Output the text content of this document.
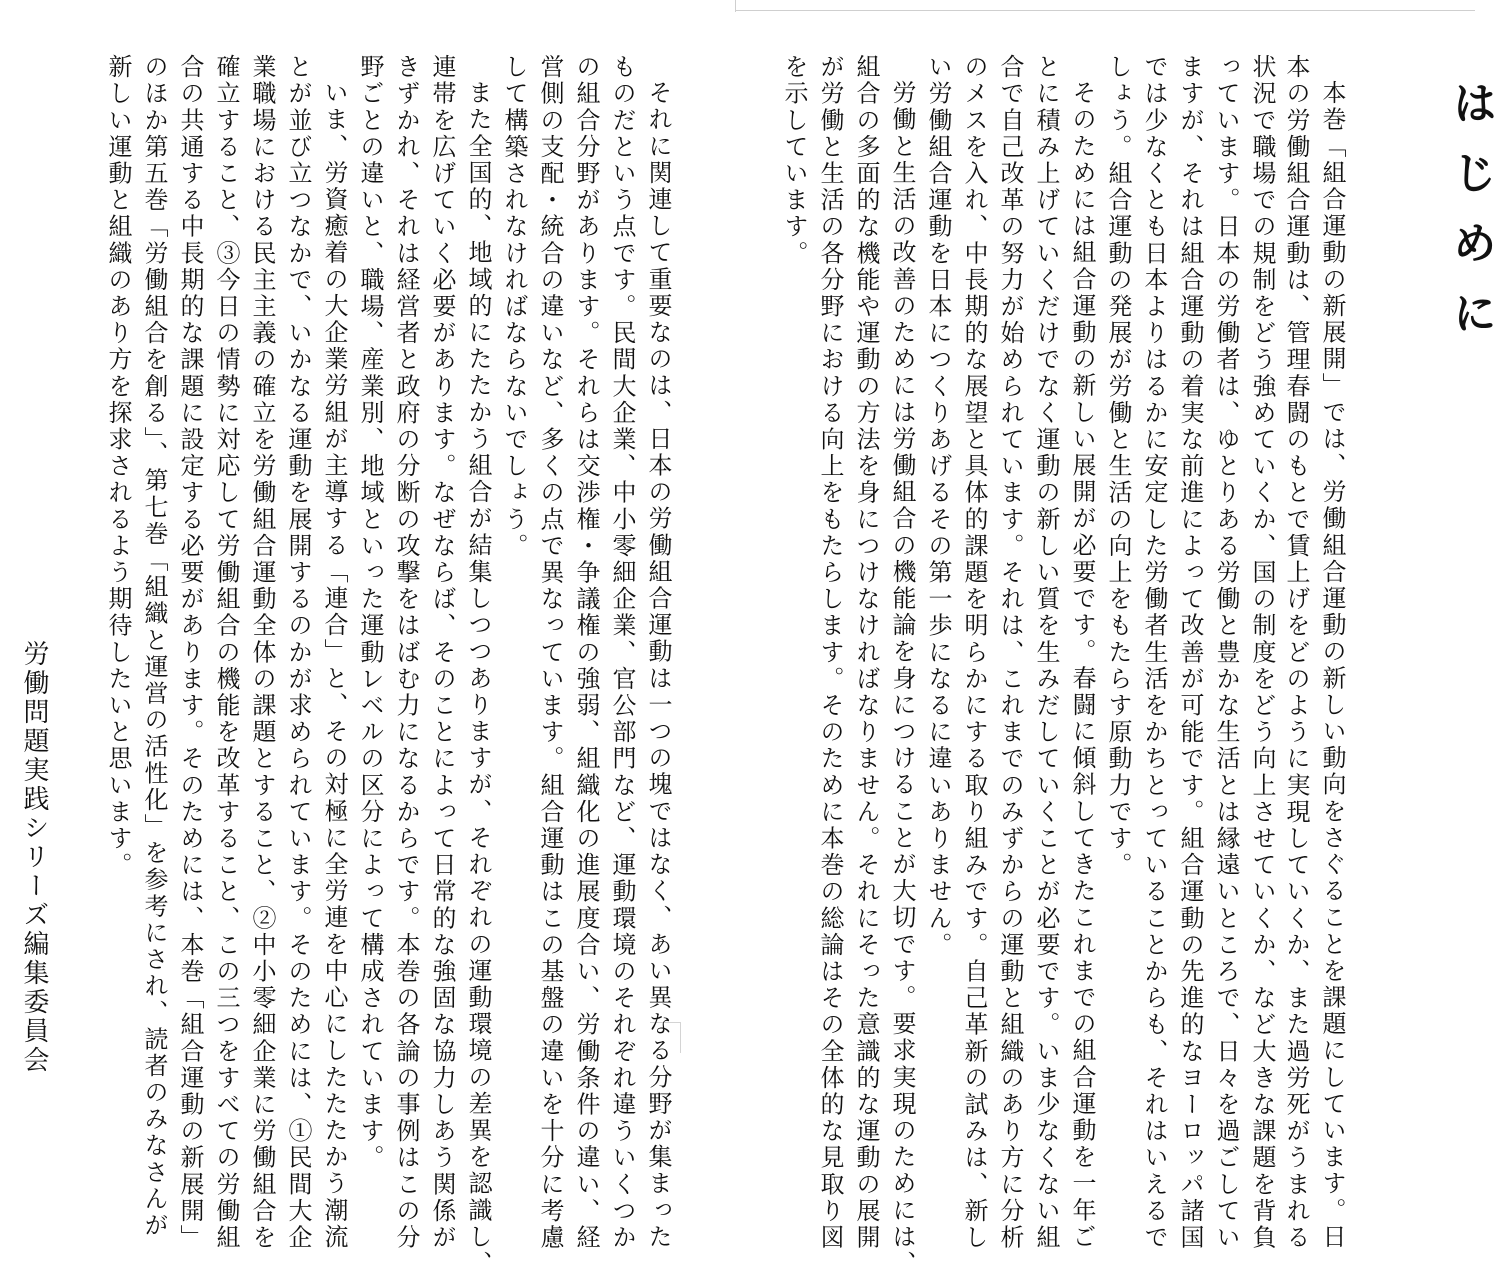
はじめに
本巻「組合運動の新展開」では、労働組合運動の新しい動向をさぐることを課題にしています。日
本の労働組合運動は、管理春闘のもとで賃上げをどのように実現していくか、また過労死がうまれる
状況で職場での規制をどう強めていくか、国の制度をどう向上させていくか、など大きな課題を背負
っています。日本の労働者は、ゆとりある労働と豊かな生活とは縁遠いところで、日々を過ごしてい
ますが、それは組合運動の着実な前進によって改善が可能です。組合運動の先進的なヨーロッパ諸国
では少なくとも日本よりはるかに安定した労働者生活をかちとっていることからも、それはいえるで
しょう。組合運動の発展が労働と生活の向上をもたらす原動力です。
そのためには組合運動の新しい展開が必要です。春闘に傾斜してきたこれまでの組合運動を一年ご
とに積み上げていくだけでなく運動の新しい質を生みだしていくことが必要です。いま少なくない組
合で自己改革の努力が始められています。それは、これまでのみずからの運動と組織のあり方に分析
のメスを入れ、中長期的な展望と具体的課題を明らかにする取り組みです。自己革新の試みは、新し
い労働組合運動を日本につくりあげるその第一歩になるに違いありません。
労働と生活の改善のためには労働組合の機能論を身につけることが大切です。要求実現のためには、
組合の多面的な機能や運動の方法を身につけなければなりません。それにそった意識的な運動の展開
が労働と生活の各分野における向上をもたらします。そのために本巻の総論はその全体的な見取り図
を示しています。
それに関連して重要なのは、日本の労働組合運動は一つの塊ではなく、あい異なる分野が集まった
ものだという点です。民間大企業、中小零細企業、官公部門など、運動環境のそれぞれ違ういくつか
の組合分野があります。それらは交渉権・争議権の強弱、組織化の進展度合い、労働条件の違い、経
営側の支配・統合の違いなど、多くの点で異なっています。組合運動はこの基盤の違いを十分に考慮
して構築されなければならないでしょう。
また全国的、地域的にたたかう組合が結集しつつありますが、それぞれの運動環境の差異を認識し、
連帯を広げていく必要があります。なぜならば、そのことによって日常的な強固な協力しあう関係が
きずかれ、それは経営者と政府の分断の攻撃をはばむ力になるからです。本巻の各論の事例はこの分
野ごとの違いと、職場、産業別、地域といった運動レベルの区分によって構成されています。
いま、労資癒着の大企業労組が主導する「連合」と、その対極に全労連を中心にしたたたかう潮流
とが並び立つなかで、いかなる運動を展開するのかが求められています。そのためには、①民間大企
業職場における民主主義の確立を労働組合運動全体の課題とすること、②中小零細企業に労働組合を
確立すること、③今日の情勢に対応して労働組合の機能を改革すること、この三つをすべての労働組
合の共通する中長期的な課題に設定する必要があります。そのためには、本巻「組合運動の新展開」
のほか第五巻「労働組合を創る」、第七巻「組織と運営の活性化」を参考にされ、読者のみなさんが
新しい運動と組織のあり方を探求されるよう期待したいと思います。
労働問題実践シリーズ編集委員会
